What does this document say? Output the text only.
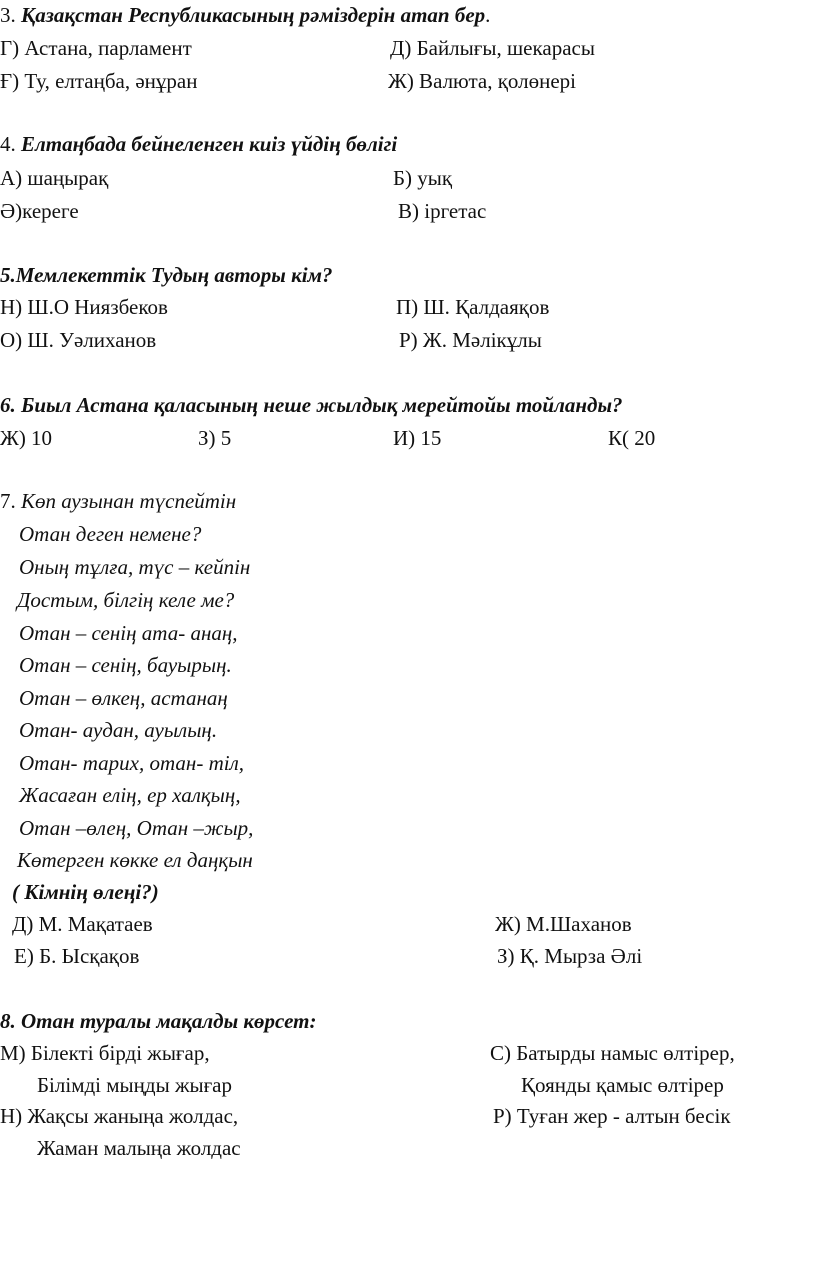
3. Қазақстан Республикасының рәміздерін атап бер.
Г) Астана, парламент	Д) Байлығы, шекарасы
Ғ) Ту, елтаңба, әнұран	Ж) Валюта, қолөнері
4. Елтаңбада бейнеленген киіз үйдің бөлігі
А) шаңырақ	Б) уық
Ә)кереге	В) іргетас
5.Мемлекеттік Тудың авторы кім?
Н) Ш.О Ниязбеков	П) Ш. Қалдаяқов
О) Ш. Уәлиханов	Р) Ж. Мәлікұлы
6. Биыл Астана қаласының неше жылдық мерейтойы тойланды?
Ж) 10	З) 5	И) 15	К( 20
7. Көп аузынан түспейтін
Отан деген немене?
Оның тұлға, түс – кейпін
Достым, білгің келе ме?
Отан – сенің ата- анаң,
Отан – сенің, бауырың.
Отан – өлкең, астанаң
Отан- аудан, ауылың.
Отан- тарих, отан- тіл,
Жасаған елің, ер халқың,
Отан –өлең, Отан –жыр,
Көтерген көкке ел даңқын
( Кімнің өлеңі?)
Д) М. Мақатаев	Ж) М.Шаханов
Е) Б. Ысқақов	З) Қ. Мырза Әлі
8. Отан туралы мақалды көрсет:
М) Білекті бірді жығар,	С) Батырды намыс өлтірер,
Білімді мыңды жығар	Қоянды қамыс өлтірер
Н) Жақсы жаныңа жолдас,	Р) Туған жер - алтын бесік
Жаман малыңа жолдас
